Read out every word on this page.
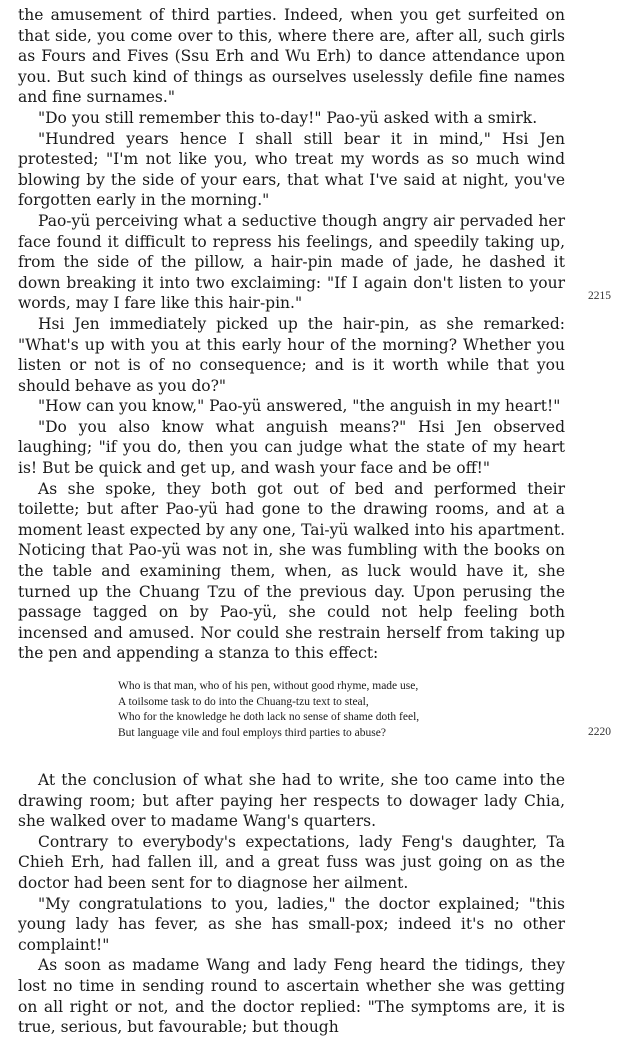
the amusement of third parties. Indeed, when you get surfeited on that side, you come over to this, where there are, after all, such girls as Fours and Fives (Ssu Erh and Wu Erh) to dance attendance upon you. But such kind of things as ourselves uselessly defile fine names and fine surnames."

"Do you still remember this to-day!" Pao-yü asked with a smirk.

"Hundred years hence I shall still bear it in mind," Hsi Jen protested; "I'm not like you, who treat my words as so much wind blowing by the side of your ears, that what I've said at night, you've forgotten early in the morning."

Pao-yü perceiving what a seductive though angry air pervaded her face found it difficult to repress his feelings, and speedily taking up, from the side of the pillow, a hair-pin made of jade, he dashed it down breaking it into two exclaiming: "If I again don't listen to your words, may I fare like this hair-pin."

Hsi Jen immediately picked up the hair-pin, as she remarked: "What's up with you at this early hour of the morning? Whether you listen or not is of no consequence; and is it worth while that you should behave as you do?"

"How can you know," Pao-yü answered, "the anguish in my heart!"

"Do you also know what anguish means?" Hsi Jen observed laughing; "if you do, then you can judge what the state of my heart is! But be quick and get up, and wash your face and be off!"

As she spoke, they both got out of bed and performed their toilette; but after Pao-yü had gone to the drawing rooms, and at a moment least expected by any one, Tai-yü walked into his apartment. Noticing that Pao-yü was not in, she was fumbling with the books on the table and examining them, when, as luck would have it, she turned up the Chuang Tzu of the previous day. Upon perusing the passage tagged on by Pao-yü, she could not help feeling both incensed and amused. Nor could she restrain herself from taking up the pen and appending a stanza to this effect:

Who is that man, who of his pen, without good rhyme, made use,
A toilsome task to do into the Chuang-tzu text to steal,
Who for the knowledge he doth lack no sense of shame doth feel,
But language vile and foul employs third parties to abuse?

At the conclusion of what she had to write, she too came into the drawing room; but after paying her respects to dowager lady Chia, she walked over to madame Wang's quarters.

Contrary to everybody's expectations, lady Feng's daughter, Ta Chieh Erh, had fallen ill, and a great fuss was just going on as the doctor had been sent for to diagnose her ailment.

"My congratulations to you, ladies," the doctor explained; "this young lady has fever, as she has small-pox; indeed it's no other complaint!"

As soon as madame Wang and lady Feng heard the tidings, they lost no time in sending round to ascertain whether she was getting on all right or not, and the doctor replied: "The symptoms are, it is true, serious, but favourable; but though

2215
2220
